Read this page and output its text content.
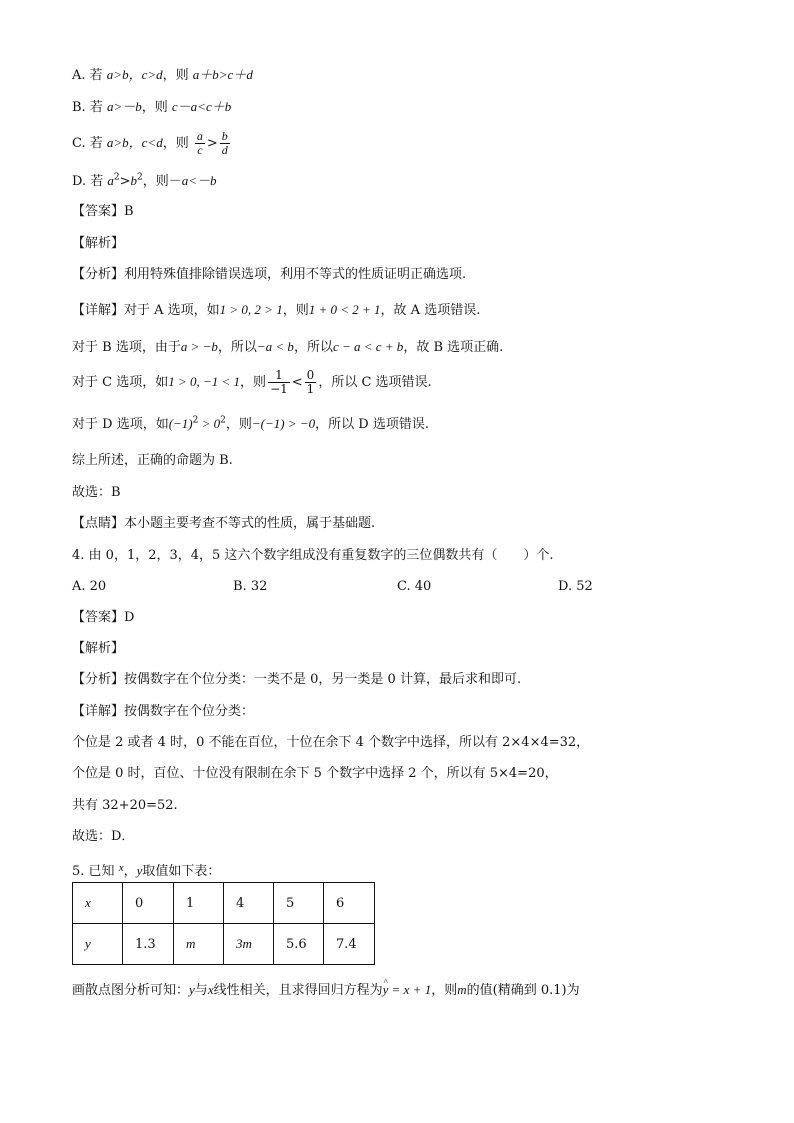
A. 若 a>b，c>d，则 a＋b>c＋d
B. 若 a>－b，则 c－a<c＋b
C. 若 a>b，c<d，则 $\frac{a}{c} > \frac{b}{d}$
D. 若 $a^2>b^2$，则－a<－b
【答案】B
【解析】
【分析】利用特殊值排除错误选项，利用不等式的性质证明正确选项.
【详解】对于 A 选项，如1 > 0, 2 > 1，则1 + 0 < 2 + 1，故 A 选项错误.
对于 B 选项，由于a > −b，所以−a < b，所以c − a < c + b，故 B 选项正确.
对于 C 选项，如1 > 0, −1 < 1，则 $\frac{1}{-1} < \frac{0}{1}$ ，所以 C 选项错误.
对于 D 选项，如$(-1)^2 > 0^2$，则−(−1) > −0，所以 D 选项错误.
综上所述，正确的命题为 B.
故选：B
【点睛】本小题主要考查不等式的性质，属于基础题.
4. 由 0，1，2，3，4，5 这六个数字组成没有重复数字的三位偶数共有（　　）个.
A. 20	B. 32	C. 40	D. 52
【答案】D
【解析】
【分析】按偶数字在个位分类：一类不是 0，另一类是 0 计算，最后求和即可.
【详解】按偶数字在个位分类：
个位是 2 或者 4 时，0 不能在百位，十位在余下 4 个数字中选择，所以有 2×4×4=32，
个位是 0 时，百位、十位没有限制在余下 5 个数字中选择 2 个，所以有 5×4=20，
共有 32+20=52.
故选：D．
5. 已知 $^x$，y取值如下表：
x	0	1	4	5	6
y	1.3	m	3m	5.6	7.4
画散点图分析可知：y与x线性相关，且求得回归方程为^ y = x + 1，则m的值(精确到 0.1)为
